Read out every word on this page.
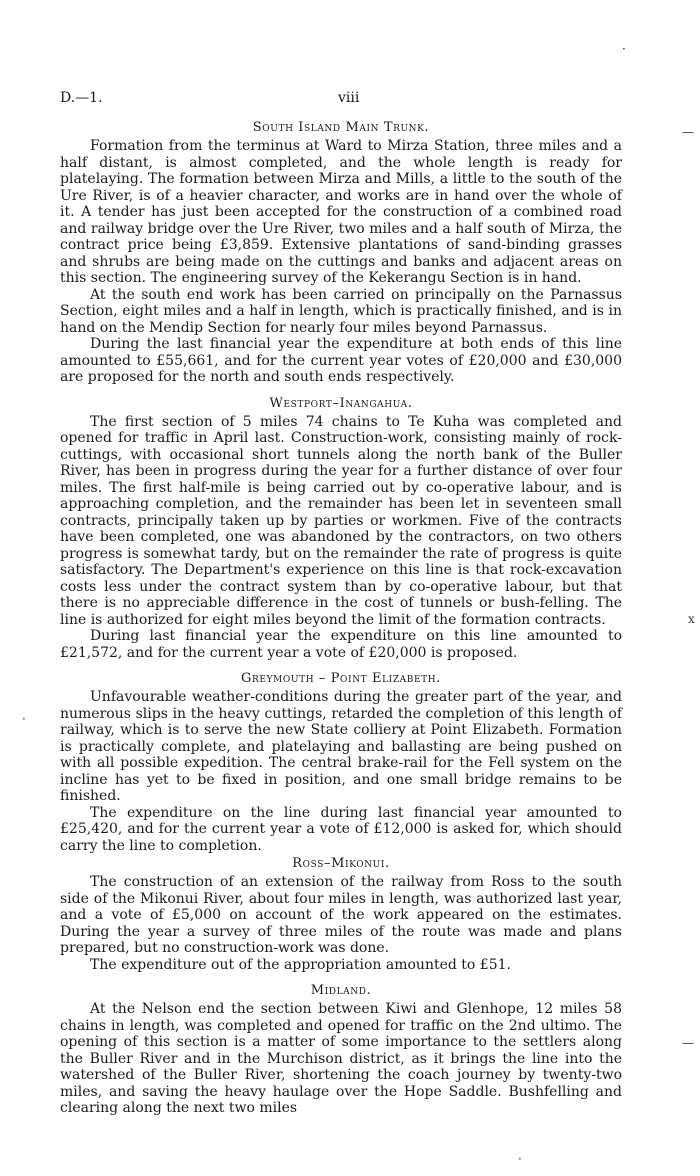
·
—
·
x
—
·
D.—1.	viii
South Island Main Trunk.

Formation from the terminus at Ward to Mirza Station, three miles and a half distant, is almost completed, and the whole length is ready for platelaying. The formation between Mirza and Mills, a little to the south of the Ure River, is of a heavier character, and works are in hand over the whole of it. A tender has just been accepted for the construction of a combined road and railway bridge over the Ure River, two miles and a half south of Mirza, the contract price being £3,859. Extensive plantations of sand-binding grasses and shrubs are being made on the cuttings and banks and adjacent areas on this section. The engineering survey of the Kekerangu Section is in hand.

At the south end work has been carried on principally on the Parnassus Section, eight miles and a half in length, which is practically finished, and is in hand on the Mendip Section for nearly four miles beyond Parnassus.

During the last financial year the expenditure at both ends of this line amounted to £55,661, and for the current year votes of £20,000 and £30,000 are proposed for the north and south ends respectively.

Westport–Inangahua.

The first section of 5 miles 74 chains to Te Kuha was completed and opened for traffic in April last. Construction-work, consisting mainly of rock-cuttings, with occasional short tunnels along the north bank of the Buller River, has been in progress during the year for a further distance of over four miles. The first half-mile is being carried out by co-operative labour, and is approaching completion, and the remainder has been let in seventeen small contracts, principally taken up by parties or workmen. Five of the contracts have been completed, one was abandoned by the contractors, on two others progress is somewhat tardy, but on the remainder the rate of progress is quite satisfactory. The Department's experience on this line is that rock-excavation costs less under the contract system than by co-operative labour, but that there is no appreciable difference in the cost of tunnels or bush-felling. The line is authorized for eight miles beyond the limit of the formation contracts.

During last financial year the expenditure on this line amounted to £21,572, and for the current year a vote of £20,000 is proposed.

Greymouth – Point Elizabeth.

Unfavourable weather-conditions during the greater part of the year, and numerous slips in the heavy cuttings, retarded the completion of this length of railway, which is to serve the new State colliery at Point Elizabeth. Formation is practically complete, and platelaying and ballasting are being pushed on with all possible expedition. The central brake-rail for the Fell system on the incline has yet to be fixed in position, and one small bridge remains to be finished.

The expenditure on the line during last financial year amounted to £25,420, and for the current year a vote of £12,000 is asked for, which should carry the line to completion.

Ross–Mikonui.

The construction of an extension of the railway from Ross to the south side of the Mikonui River, about four miles in length, was authorized last year, and a vote of £5,000 on account of the work appeared on the estimates. During the year a survey of three miles of the route was made and plans prepared, but no construction-work was done.

The expenditure out of the appropriation amounted to £51.

Midland.

At the Nelson end the section between Kiwi and Glenhope, 12 miles 58 chains in length, was completed and opened for traffic on the 2nd ultimo. The opening of this section is a matter of some importance to the settlers along the Buller River and in the Murchison district, as it brings the line into the watershed of the Buller River, shortening the coach journey by twenty-two miles, and saving the heavy haulage over the Hope Saddle. Bushfelling and clearing along the next two miles
